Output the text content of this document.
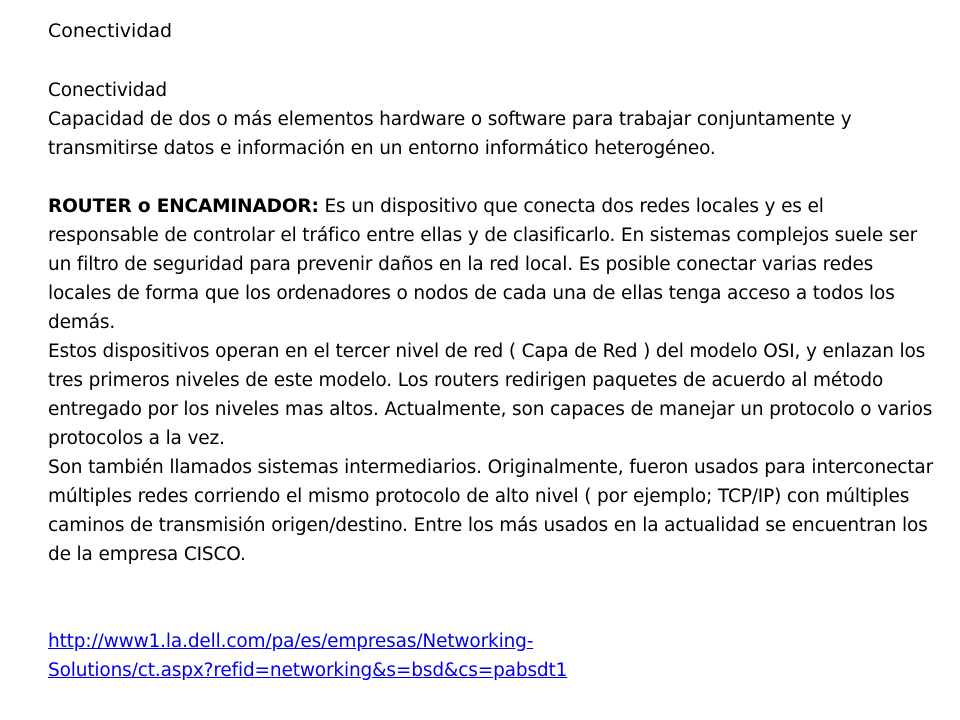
Conectividad

Conectividad

Capacidad de dos o más elementos hardware o software para trabajar conjuntamente y transmitirse datos e información en un entorno informático heterogéneo.

ROUTER o ENCAMINADOR: Es un dispositivo que conecta dos redes locales y es el responsable de controlar el tráfico entre ellas y de clasificarlo. En sistemas complejos suele ser un filtro de seguridad para prevenir daños en la red local. Es posible conectar varias redes locales de forma que los ordenadores o nodos de cada una de ellas tenga acceso a todos los demás.

Estos dispositivos operan en el tercer nivel de red ( Capa de Red ) del modelo OSI, y enlazan los tres primeros niveles de este modelo. Los routers redirigen paquetes de acuerdo al método entregado por los niveles mas altos. Actualmente, son capaces de manejar un protocolo o varios protocolos a la vez.

Son también llamados sistemas intermediarios. Originalmente, fueron usados para interconectar múltiples redes corriendo el mismo protocolo de alto nivel ( por ejemplo; TCP/IP) con múltiples caminos de transmisión origen/destino. Entre los más usados en la actualidad se encuentran los de la empresa CISCO.

http://www1.la.dell.com/pa/es/empresas/Networking-
Solutions/ct.aspx?refid=networking&s=bsd&cs=pabsdt1
